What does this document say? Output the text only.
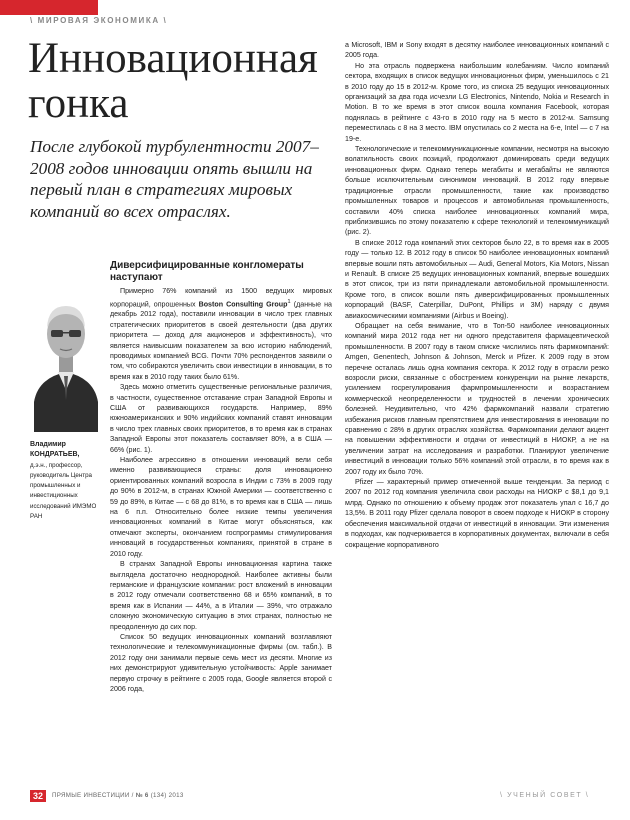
\ МИРОВАЯ ЭКОНОМИКА \
Инновационная
гонка
После глубокой турбулентности 2007–2008 годов инновации опять вышли на первый план в стратегиях мировых компаний во всех отраслях.
Владимир
КОНДРАТЬЕВ,
д.э.н., профессор, руководитель Центра промышленных и инвестиционных исследований ИМЭМО РАН
Диверсифицированные конгломераты наступают

Примерно 76% компаний из 1500 ведущих мировых корпораций, опрошенных Boston Consulting Group$^1$ (данные на декабрь 2012 года), поставили инновации в число трех главных стратегических приоритетов в своей деятельности (два других приоритета — доход для акционеров и эффективность), что является наивысшим показателем за всю историю наблюдений, проводимых компанией BCG. Почти 70% респондентов заявили о том, что собираются увеличить свои инвестиции в инновации, в то время как в 2010 году таких было 61%.

Здесь можно отметить существенные региональные различия, в частности, существенное отставание стран Западной Европы и США от развивающихся государств. Например, 89% южноамериканских и 90% индийских компаний ставят инновации в число трех главных своих приоритетов, в то время как в странах Западной Европы этот показатель составляет 80%, а в США — 66% (рис. 1).

Наиболее агрессивно в отношении инноваций вели себя именно развивающиеся страны: доля инновационно ориентированных компаний возросла в Индии с 73% в 2009 году до 90% в 2012-м, в странах Южной Америки — соответственно с 59 до 89%, в Китае — с 68 до 81%, в то время как в США — лишь на 6 п.п. Относительно более низкие темпы увеличения инновационных компаний в Китае могут объясняться, как отмечают эксперты, окончанием госпрограммы стимулирования инноваций в государственных компаниях, принятой в стране в 2010 году.

В странах Западной Европы инновационная картина также выглядела достаточно неоднородной. Наиболее активны были германские и французские компании: рост вложений в инновации в 2012 году отмечали соответственно 68 и 65% компаний, в то время как в Испании — 44%, а в Италии — 39%, что отражало сложную экономическую ситуацию в этих странах, полностью не преодоленную до сих пор.

Список 50 ведущих инновационных компаний возглавляют технологические и телекоммуникационные фирмы (см. табл.). В 2012 году они занимали первые семь мест из десяти. Многие из них демонстрируют удивительную устойчивость: Apple занимает первую строчку в рейтинге с 2005 года, Google является второй с 2006 года,

а Microsoft, IBM и Sony входят в десятку наиболее инновационных компаний с 2005 года.

Но эта отрасль подвержена наибольшим колебаниям. Число компаний сектора, входящих в список ведущих инновационных фирм, уменьшилось с 21 в 2010 году до 15 в 2012-м. Кроме того, из списка 25 ведущих инновационных организаций за два года исчезли LG Electronics, Nintendo, Nokia и Research in Motion. В то же время в этот список вошла компания Facebook, которая поднялась в рейтинге с 43-го в 2010 году на 5 место в 2012-м. Samsung переместилась с 8 на 3 место. IBM опустилась со 2 места на 6-е, Intel — с 7 на 19-е.

Технологические и телекоммуникационные компании, несмотря на высокую волатильность своих позиций, продолжают доминировать среди ведущих инновационных фирм. Однако теперь мегабиты и мегабайты не являются больше исключительным синонимом инноваций. В 2012 году впервые традиционные отрасли промышленности, такие как производство промышленных товаров и процессов и автомобильная промышленность, составили 40% списка наиболее инновационных компаний мира, приблизившись по этому показателю к сфере технологий и телекоммуникаций (рис. 2).

В списке 2012 года компаний этих секторов было 22, в то время как в 2005 году — только 12. В 2012 году в список 50 наиболее инновационных компаний впервые вошли пять автомобильных — Audi, General Motors, Kia Motors, Nissan и Renault. В списке 25 ведущих инновационных компаний, впервые вошедших в этот список, три из пяти принадлежали автомобильной промышленности. Кроме того, в список вошли пять диверсифицированных промышленных корпораций (BASF, Caterpillar, DuPont, Phillips и 3M) наряду с двумя авиакосмическими компаниями (Airbus и Boeing).

Обращает на себя внимание, что в Топ-50 наиболее инновационных компаний мира 2012 года нет ни одного представителя фармацевтической промышленности. В 2007 году в таком списке числились пять фармкомпаний: Amgen, Genentech, Johnson & Johnson, Merck и Pfizer. К 2009 году в этом перечне осталась лишь одна компания сектора. К 2012 году в отрасли резко возросли риски, связанные с обострением конкуренции на рынке лекарств, усилением госрегулирования фармпромышленности и возрастанием коммерческой неопределенности и трудностей в лечении хронических болезней. Неудивительно, что 42% фармкомпаний назвали стратегию избежания рисков главным препятствием для инвестирования в инновации по сравнению с 28% в других отраслях хозяйства. Фармкомпании делают акцент на повышении эффективности и отдачи от инвестиций в НИОКР, а не на увеличении затрат на исследования и разработки. Планируют увеличение инвестиций в инновации только 56% компаний этой отрасли, в то время как в 2007 году их было 70%.

Pfizer — характерный пример отмеченной выше тенденции. За период с 2007 по 2012 год компания увеличила свои расходы на НИОКР с $8,1 до 9,1 млрд. Однако по отношению к объему продаж этот показатель упал с 16,7 до 13,5%. В 2011 году Pfizer сделала поворот в своем подходе к НИОКР в сторону обеспечения максимальной отдачи от инвестиций в инновации. Эти изменения в подходах, как подчеркивается в корпоративных документах, включали в себя сокращение корпоративного

32	ПРЯМЫЕ ИНВЕСТИЦИИ / № 6 (134) 2013	\ УЧЕНЫЙ СОВЕТ \
